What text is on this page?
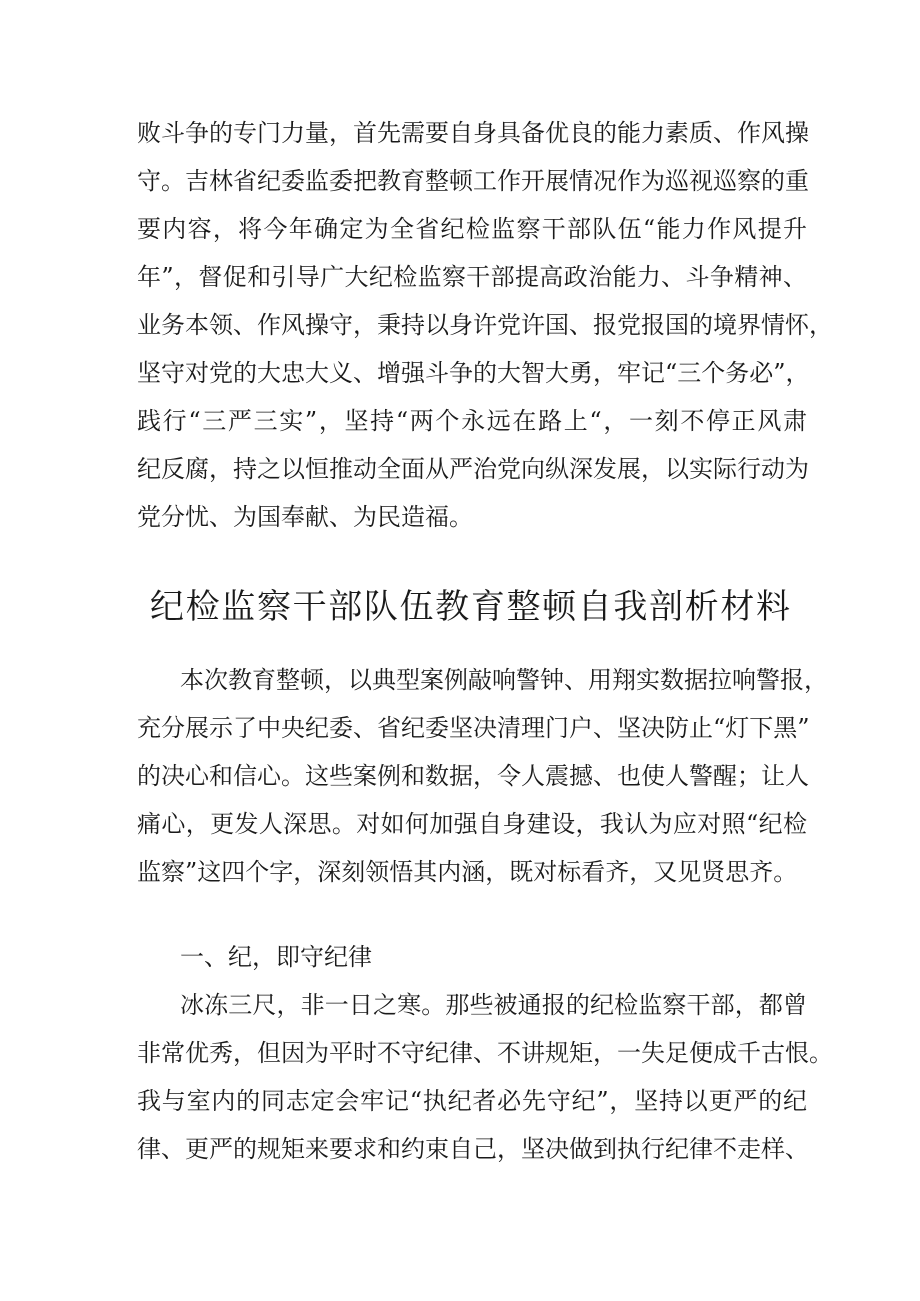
败斗争的专门力量，首先需要自身具备优良的能力素质、作风操
守。吉林省纪委监委把教育整顿工作开展情况作为巡视巡察的重
要内容，将今年确定为全省纪检监察干部队伍“能力作风提升
年”，督促和引导广大纪检监察干部提高政治能力、斗争精神、
业务本领、作风操守，秉持以身许党许国、报党报国的境界情怀，
坚守对党的大忠大义、增强斗争的大智大勇，牢记“三个务必”，
践行“三严三实”，坚持“两个永远在路上“，一刻不停正风肃
纪反腐，持之以恒推动全面从严治党向纵深发展，以实际行动为
党分忧、为国奉献、为民造福。
纪检监察干部队伍教育整顿自我剖析材料
本次教育整顿，以典型案例敲响警钟、用翔实数据拉响警报，
充分展示了中央纪委、省纪委坚决清理门户、坚决防止“灯下黑”
的决心和信心。这些案例和数据，令人震撼、也使人警醒；让人
痛心，更发人深思。对如何加强自身建设，我认为应对照“纪检
监察”这四个字，深刻领悟其内涵，既对标看齐，又见贤思齐。
一、纪，即守纪律
冰冻三尺，非一日之寒。那些被通报的纪检监察干部，都曾
非常优秀，但因为平时不守纪律、不讲规矩，一失足便成千古恨。
我与室内的同志定会牢记“执纪者必先守纪”，坚持以更严的纪
律、更严的规矩来要求和约束自己，坚决做到执行纪律不走样、
